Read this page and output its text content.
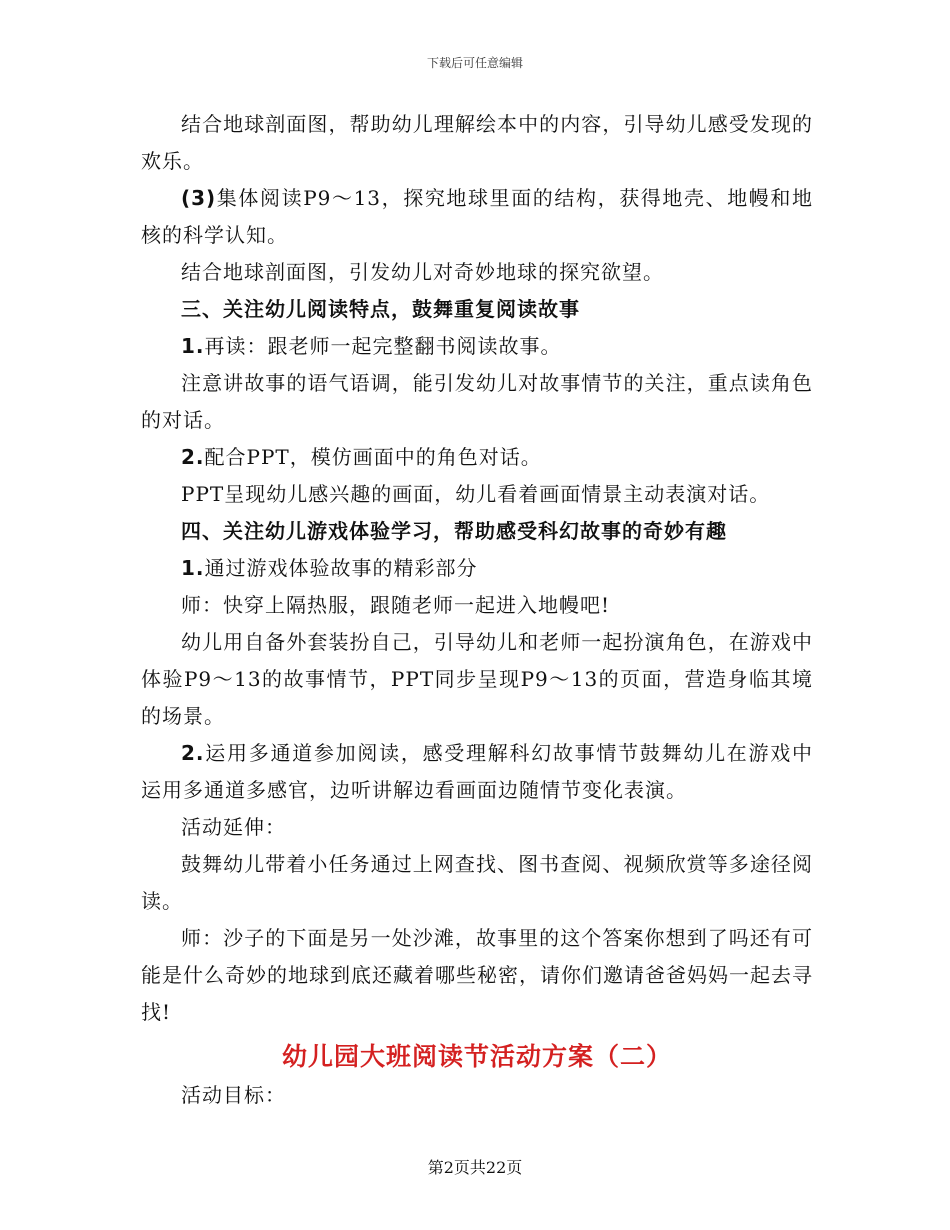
下载后可任意编辑

结合地球剖面图，帮助幼儿理解绘本中的内容，引导幼儿感受发现的欢乐。

(3)集体阅读P9～13，探究地球里面的结构，获得地壳、地幔和地核的科学认知。

结合地球剖面图，引发幼儿对奇妙地球的探究欲望。

三、关注幼儿阅读特点，鼓舞重复阅读故事

1.再读：跟老师一起完整翻书阅读故事。

注意讲故事的语气语调，能引发幼儿对故事情节的关注，重点读角色的对话。

2.配合PPT，模仿画面中的角色对话。

PPT呈现幼儿感兴趣的画面，幼儿看着画面情景主动表演对话。

四、关注幼儿游戏体验学习，帮助感受科幻故事的奇妙有趣

1.通过游戏体验故事的精彩部分

师：快穿上隔热服，跟随老师一起进入地幔吧!

幼儿用自备外套装扮自己，引导幼儿和老师一起扮演角色，在游戏中体验P9～13的故事情节，PPT同步呈现P9～13的页面，营造身临其境的场景。

2.运用多通道参加阅读，感受理解科幻故事情节鼓舞幼儿在游戏中运用多通道多感官，边听讲解边看画面边随情节变化表演。

活动延伸：

鼓舞幼儿带着小任务通过上网查找、图书查阅、视频欣赏等多途径阅读。

师：沙子的下面是另一处沙滩，故事里的这个答案你想到了吗还有可能是什么奇妙的地球到底还藏着哪些秘密，请你们邀请爸爸妈妈一起去寻找!

幼儿园大班阅读节活动方案（二）

活动目标：

第2页共22页
